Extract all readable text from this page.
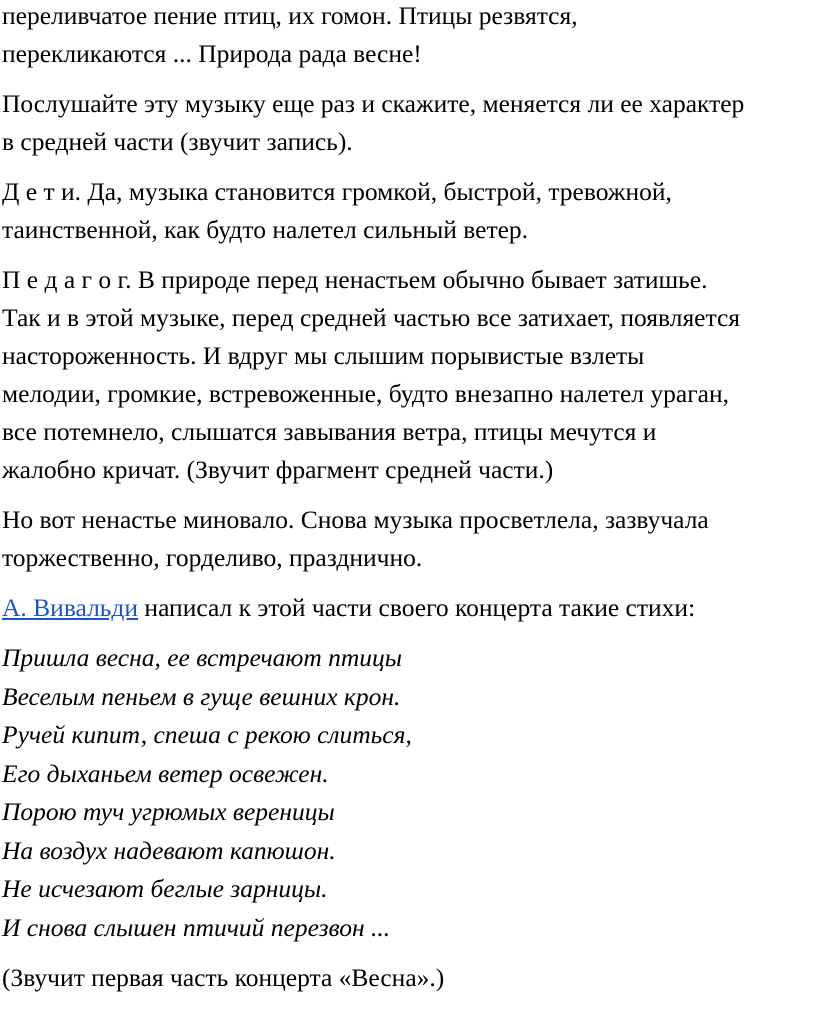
переливчатое пение птиц, их гомон. Птицы резвятся,
перекликаются ... Природа рада весне!

Послушайте эту музыку еще раз и скажите, меняется ли ее характер
в средней части (звучит запись).

Д е т и. Да, музыка становится громкой, быстрой, тревожной,
таинственной, как будто налетел сильный ветер.

П е д а г о г. В природе перед ненастьем обычно бывает затишье.
Так и в этой музыке, перед средней частью все затихает, появляется
настороженность. И вдруг мы слышим порывистые взлеты
мелодии, громкие, встревоженные, будто внезапно налетел ураган,
все потемнело, слышатся завывания ветра, птицы мечутся и
жалобно кричат. (Звучит фрагмент средней части.)

Но вот ненастье миновало. Снова музыка просветлела, зазвучала
торжественно, горделиво, празднично.

А. Вивальди написал к этой части своего концерта такие стихи:

Пришла весна, ее встречают птицы
Веселым пеньем в гуще вешних крон.
Ручей кипит, спеша с рекою слиться,
Его дыханьем ветер освежен.
Порою туч угрюмых вереницы
На воздух надевают капюшон.
Не исчезают беглые зарницы.
И снова слышен птичий перезвон ...

(Звучит первая часть концерта «Весна».)
